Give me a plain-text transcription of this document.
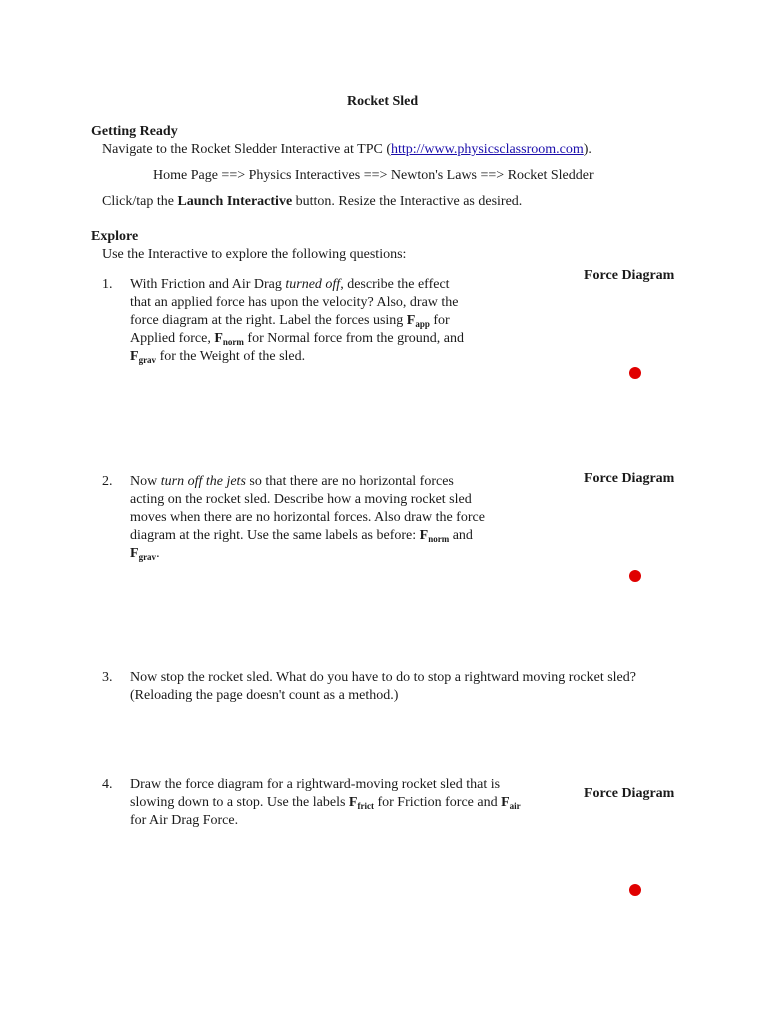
Rocket Sled
Getting Ready
Navigate to the Rocket Sledder Interactive at TPC (http://www.physicsclassroom.com).
Home Page ==> Physics Interactives ==> Newton's Laws ==> Rocket Sledder
Click/tap the Launch Interactive button. Resize the Interactive as desired.
Explore
Use the Interactive to explore the following questions:
1. With Friction and Air Drag turned off, describe the effect
that an applied force has upon the velocity? Also, draw the
force diagram at the right. Label the forces using $F_{app}$ for
Applied force, $F_{norm}$ for Normal force from the ground, and
$F_{grav}$ for the Weight of the sled.
Force Diagram
2. Now turn off the jets so that there are no horizontal forces
acting on the rocket sled. Describe how a moving rocket sled
moves when there are no horizontal forces. Also draw the force
diagram at the right. Use the same labels as before: $F_{norm}$ and
$F_{grav}$.
Force Diagram
3. Now stop the rocket sled. What do you have to do to stop a rightward moving rocket sled?
(Reloading the page doesn't count as a method.)
4. Draw the force diagram for a rightward-moving rocket sled that is
slowing down to a stop. Use the labels $F_{frict}$ for Friction force and $F_{air}$
for Air Drag Force.
Force Diagram
